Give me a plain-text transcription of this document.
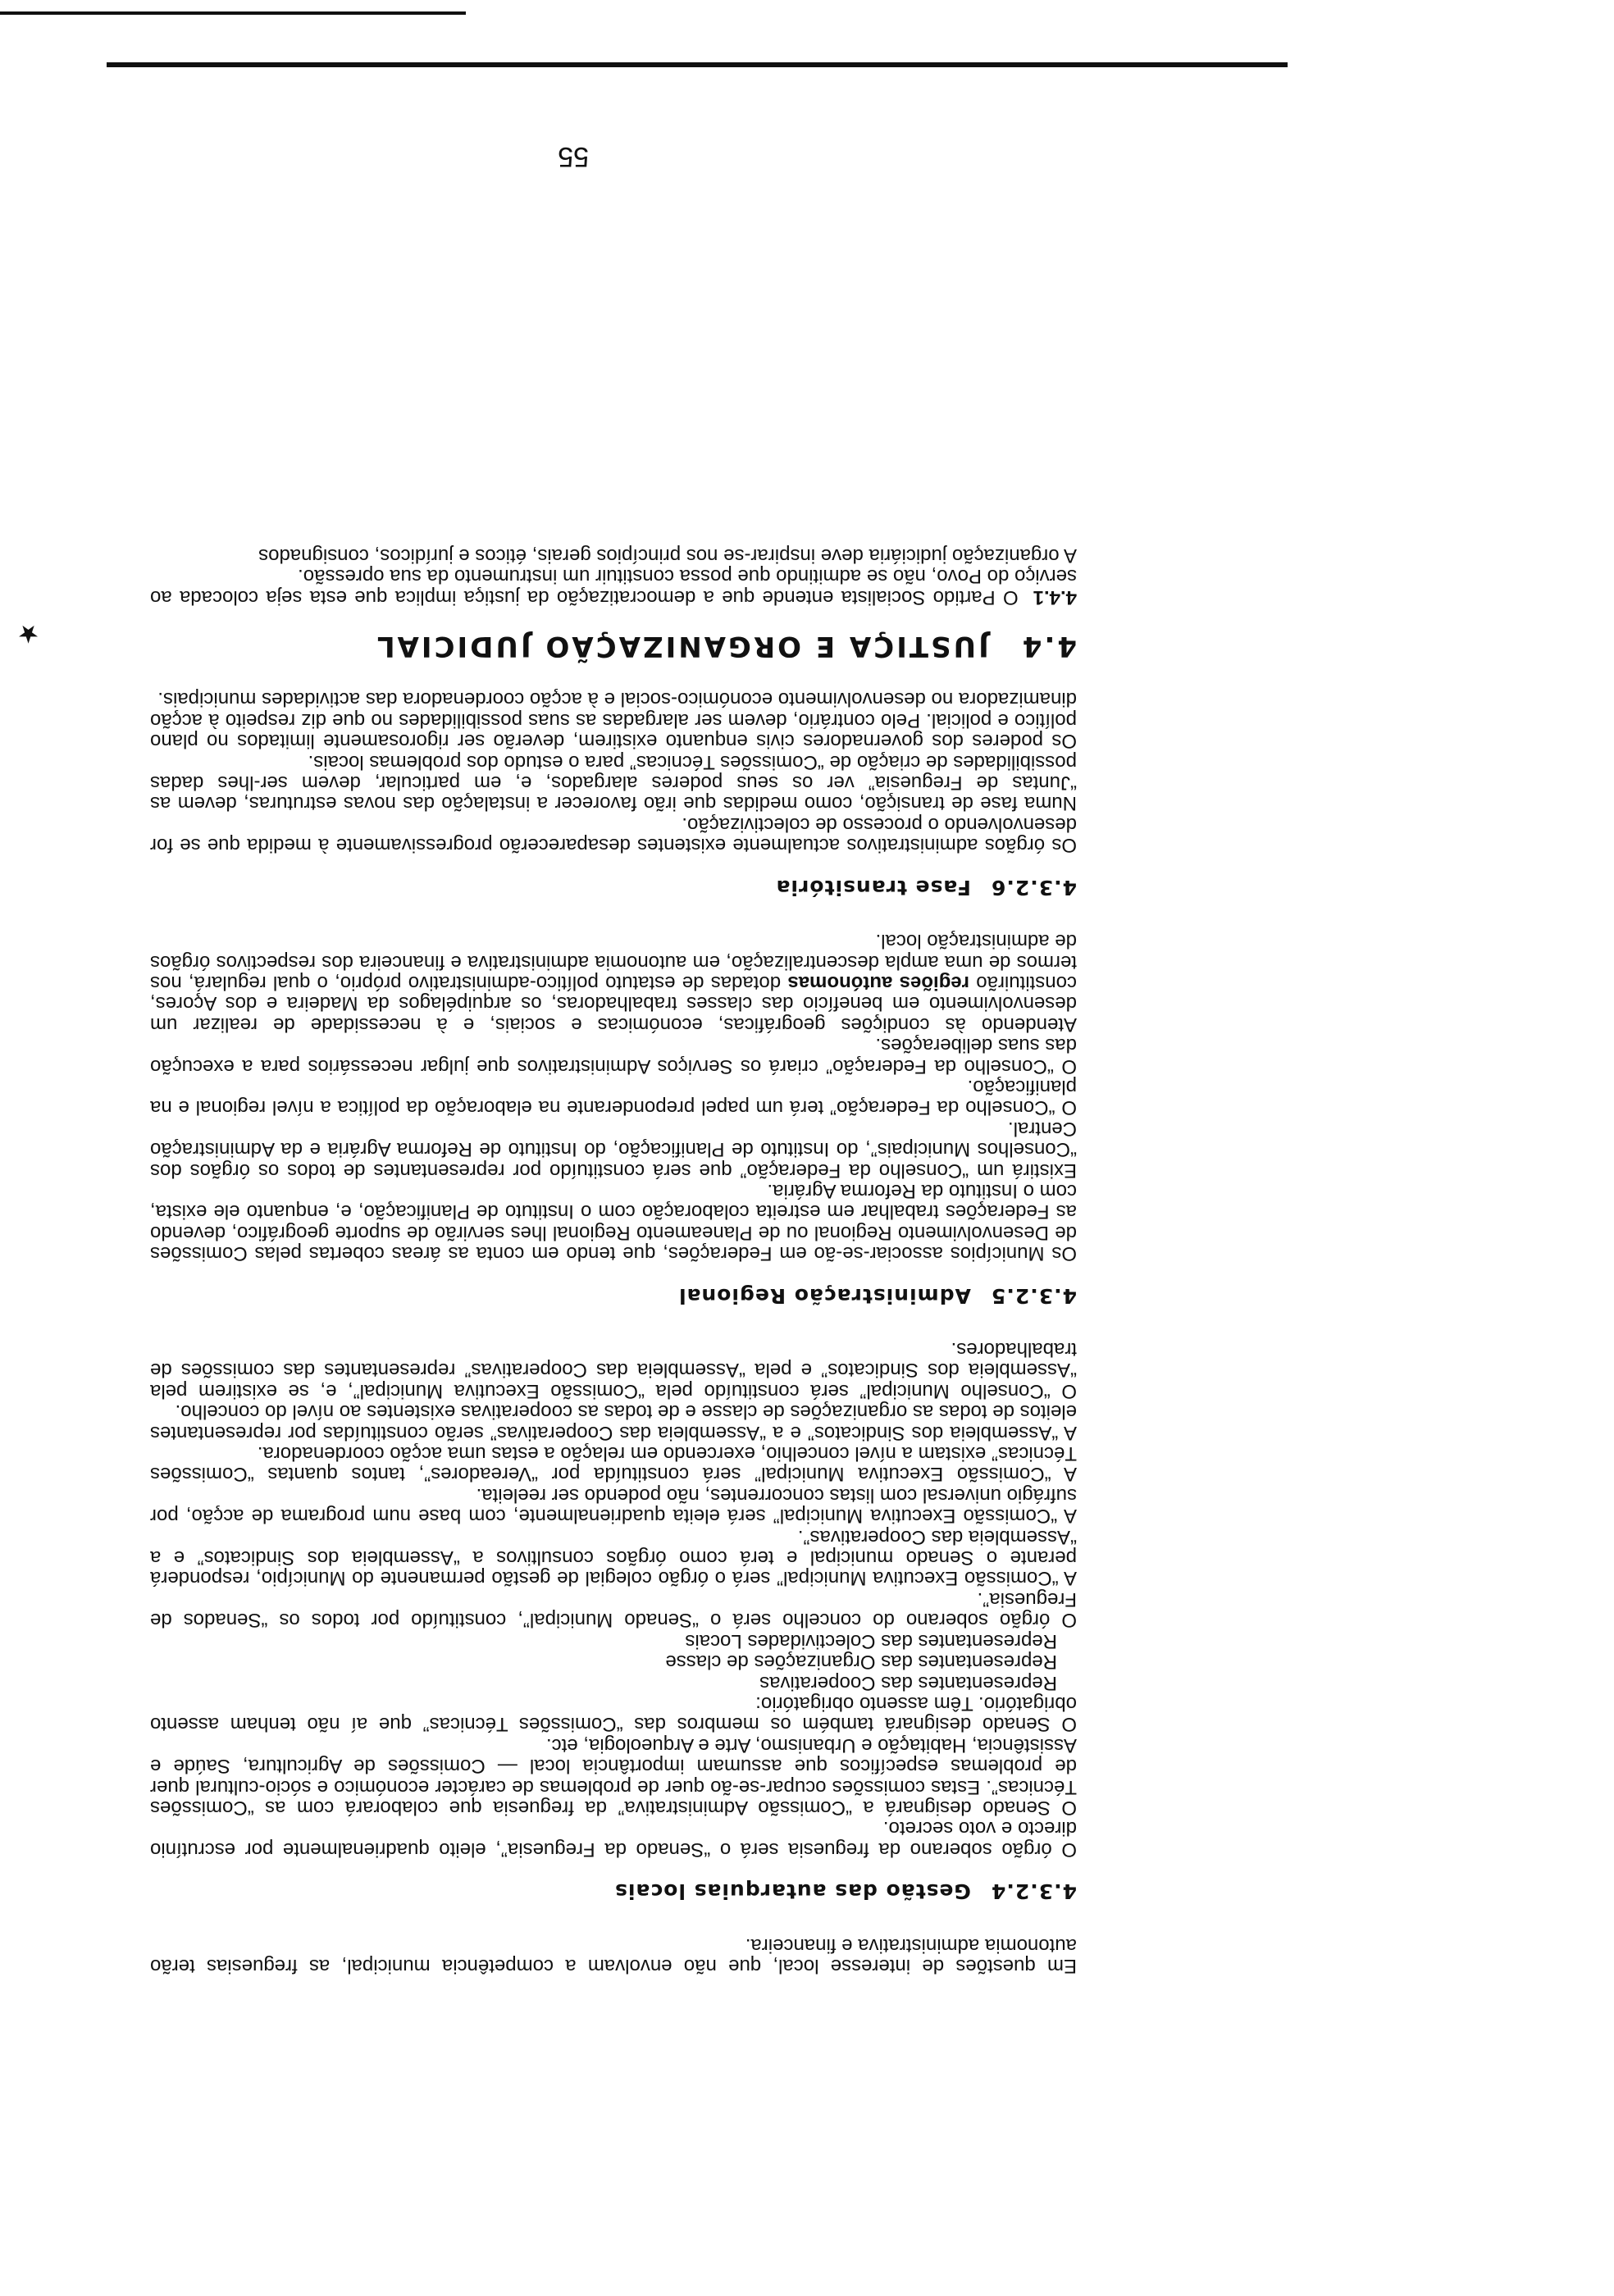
★

Em questões de interesse local, que não envolvam a competência municipal, as freguesias terão autonomia administrativa e financeira.

4.3.2.4Gestão das autarquias locais

O órgão soberano da freguesia será o “Senado da Freguesia”, eleito quadrienalmente por escrutínio directo e voto secreto.

O Senado designará a “Comissão Administrativa” da freguesia que colaborará com as “Comissões Técnicas”. Estas comissões ocupar-se-ão quer de problemas de carácter económico e sócio-cultural quer de problemas específicos que assumam importância local — Comissões de Agricultura, Saúde e Assistência, Habitação e Urbanismo, Arte e Arqueologia, etc.

O Senado designará também os membros das “Comissões Técnicas” que aí não tenham assento obrigatório. Têm assento obrigatório:

Representantes das Cooperativas

Representantes das Organizações de classe

Representantes das Colectividades Locais

O órgão soberano do concelho será o “Senado Municipal”, constituído por todos os “Senados de Freguesia”.

A “Comissão Executiva Municipal” será o órgão colegial de gestão permanente do Município, responderá perante o Senado municipal e terá como órgãos consultivos a “Assembleia dos Sindicatos” e a “Assembleia das Cooperativas”.

A “Comissão Executiva Municipal” será eleita quadrienalmente, com base num programa de acção, por sufrágio universal com listas concorrentes, não podendo ser reeleita.

A “Comissão Executiva Municipal” será constituída por “Vereadores”, tantos quantas “Comissões Técnicas” existam a nível concelhio, exercendo em relação a estas uma acção coordenadora.

A “Assembleia dos Sindicatos” e a “Assembleia das Cooperativas” serão constituídas por representantes eleitos de todas as organizações de classe e de todas as cooperativas existentes ao nível do concelho.

O “Conselho Municipal” será constituído pela “Comissão Executiva Municipal”, e, se existirem pela “Assembleia dos Sindicatos” e pela “Assembleia das Cooperativas” representantes das comissões de trabalhadores.

4.3.2.5Administração Regional

Os Municípios associar-se-ão em Federações, que tendo em conta as áreas cobertas pelas Comissões de Desenvolvimento Regional ou de Planeamento Regional lhes servirão de suporte geográfico, devendo as Federações trabalhar em estreita colaboração com o Instituto de Planificação, e, enquanto ele exista, com o Instituto da Reforma Agrária.

Existirá um “Conselho da Federação” que será constituído por representantes de todos os órgãos dos “Conselhos Municipais”, do Instituto de Planificação, do Instituto de Reforma Agrária e da Administração Central.

O “Conselho da Federação” terá um papel preponderante na elaboração da política a nível regional e na planificação.

O “Conselho da Federação” criará os Serviços Administrativos que julgar necessários para a execução das suas deliberações.

Atendendo às condições geográficas, económicas e sociais, e à necessidade de realizar um desenvolvimento em benefício das classes trabalhadoras, os arquipélagos da Madeira e dos Açores, constituirão regiões autónomas dotadas de estatuto político-administrativo próprio, o qual regulará, nos termos de uma ampla descentralização, em autonomia administrativa e financeira dos respectivos órgãos de administração local.

4.3.2.6Fase transitória

Os órgãos administrativos actualmente existentes desaparecerão progressivamente à medida que se for desenvolvendo o processo de colectivização.

Numa fase de transição, como medidas que irão favorecer a instalação das novas estruturas, devem as “Juntas de Freguesia” ver os seus poderes alargados, e, em particular, devem ser-lhes dadas possibilidades de criação de “Comissões Técnicas” para o estudo dos problemas locais.

Os poderes dos governadores civis enquanto existirem, deverão ser rigorosamente limitados no plano político e policial. Pelo contrário, devem ser alargadas as suas possibilidades no que diz respeito à acção dinamizadora no desenvolvimento económico-social e à acção coordenadora das actividades municipais.

4.4JUSTIÇA E ORGANIZAÇÃO JUDICIAL

4.4.1O Partido Socialista entende que a democratização da justiça implica que esta seja colocada ao serviço do Povo, não se admitindo que possa constituir um instrumento da sua opressão.

A organização judiciária deve inspirar-se nos princípios gerais, éticos e jurídicos, consignados

55
